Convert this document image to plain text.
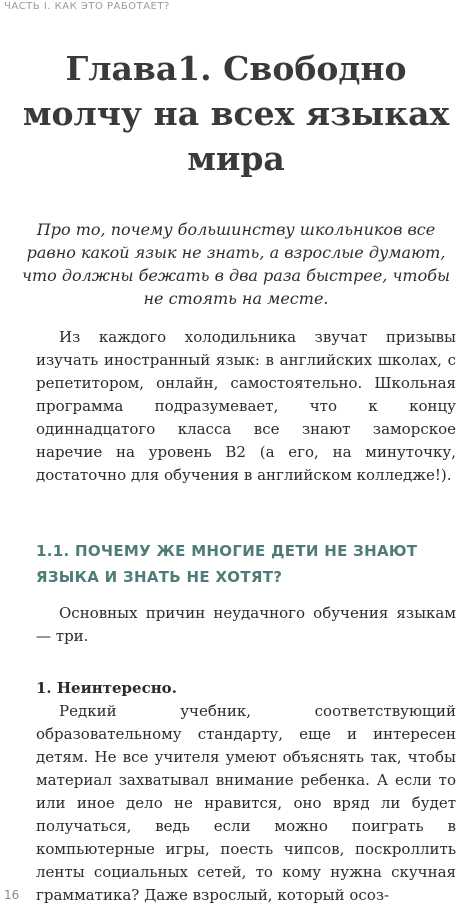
ЧАСТЬ I. КАК ЭТО РАБОТАЕТ?
Глава1. Свободно молчу на всех языках мира

Про то, почему большинству школьников все равно какой язык не знать, а взрослые думают, что должны бежать в два раза быстрее, чтобы не стоять на месте.

Из каждого холодильника звучат призывы изучать иностранный язык: в английских школах, с репетитором, онлайн, самостоятельно. Школьная программа подразумевает, что к концу одиннадцатого класса все знают заморское наречие на уровень B2 (а его, на минуточку, достаточно для обучения в английском колледже!).

1.1. ПОЧЕМУ ЖЕ МНОГИЕ ДЕТИ НЕ ЗНАЮТ ЯЗЫКА И ЗНАТЬ НЕ ХОТЯТ?

Основных причин неудачного обучения языкам — три.

1. Неинтересно.

Редкий учебник, соответствующий образовательному стандарту, еще и интересен детям. Не все учителя умеют объяснять так, чтобы материал захватывал внимание ребенка. А если то или иное дело не нравится, оно вряд ли будет получаться, ведь если можно поиграть в компьютерные игры, поесть чипсов, поскроллить ленты социальных сетей, то кому нужна скучная грамматика? Даже взрослый, который осоз-

16
